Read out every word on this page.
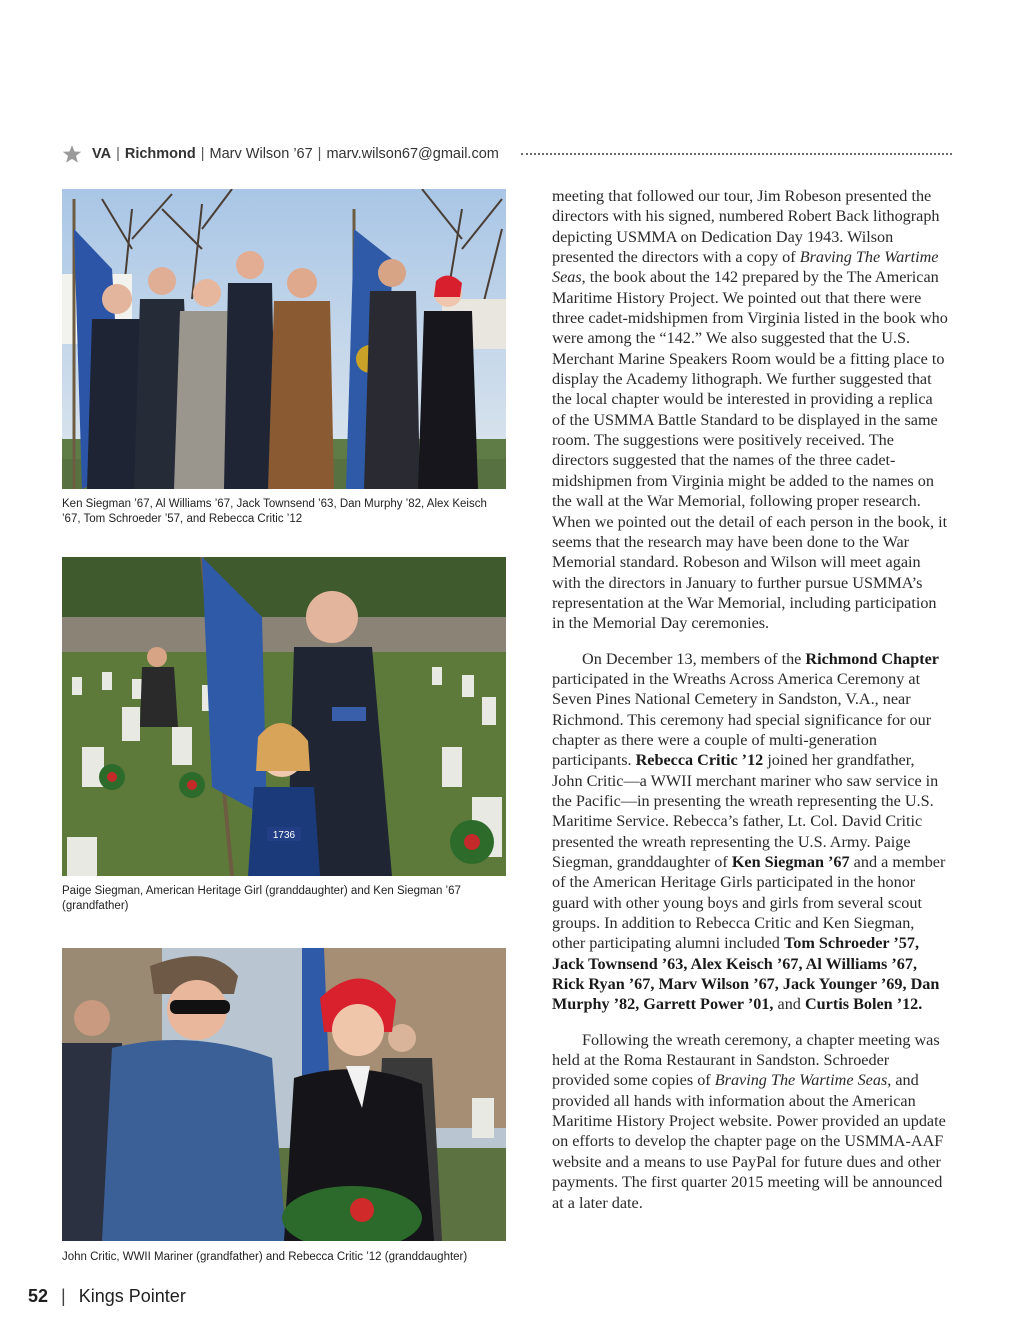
VA | Richmond | Marv Wilson ’67 | marv.wilson67@gmail.com
Ken Siegman ’67, Al Williams ’67, Jack Townsend ’63, Dan Murphy ’82, Alex Keisch ’67, Tom Schroeder ’57, and Rebecca Critic ’12
1736
Paige Siegman, American Heritage Girl (granddaughter) and Ken Siegman ’67 (grandfather)
John Critic, WWII Mariner (grandfather) and Rebecca Critic ’12 (granddaughter)

meeting that followed our tour, Jim Robeson presented the directors with his signed, numbered Robert Back lithograph depicting USMMA on Dedication Day 1943. Wilson presented the directors with a copy of Braving The Wartime Seas, the book about the 142 prepared by the The American Maritime History Project. We pointed out that there were three cadet-midshipmen from Virginia listed in the book who were among the “142.” We also suggested that the U.S. Merchant Marine Speakers Room would be a fitting place to display the Academy lithograph. We further suggested that the local chapter would be interested in providing a replica of the USMMA Battle Standard to be displayed in the same room. The suggestions were positively received. The directors suggested that the names of the three cadet-midshipmen from Virginia might be added to the names on the wall at the War Memorial, following proper research. When we pointed out the detail of each person in the book, it seems that the research may have been done to the War Memorial standard. Robeson and Wilson will meet again with the directors in January to further pursue USMMA’s representation at the War Memorial, including participation in the Memorial Day ceremonies.

On December 13, members of the Richmond Chapter participated in the Wreaths Across America Ceremony at Seven Pines National Cemetery in Sandston, V.A., near Richmond. This ceremony had special significance for our chapter as there were a couple of multi-generation participants. Rebecca Critic ’12 joined her grandfather, John Critic—a WWII merchant mariner who saw service in the Pacific—in presenting the wreath representing the U.S. Maritime Service. Rebecca’s father, Lt. Col. David Critic presented the wreath representing the U.S. Army. Paige Siegman, granddaughter of Ken Siegman ’67 and a member of the American Heritage Girls participated in the honor guard with other young boys and girls from several scout groups. In addition to Rebecca Critic and Ken Siegman, other participating alumni included Tom Schroeder ’57, Jack Townsend ’63, Alex Keisch ’67, Al Williams ’67, Rick Ryan ’67, Marv Wilson ’67, Jack Younger ’69, Dan Murphy ’82, Garrett Power ’01, and Curtis Bolen ’12.

Following the wreath ceremony, a chapter meeting was held at the Roma Restaurant in Sandston. Schroeder provided some copies of Braving The Wartime Seas, and provided all hands with information about the American Maritime History Project website. Power provided an update on efforts to develop the chapter page on the USMMA-AAF website and a means to use PayPal for future dues and other payments. The first quarter 2015 meeting will be announced at a later date.

52 | Kings Pointer
